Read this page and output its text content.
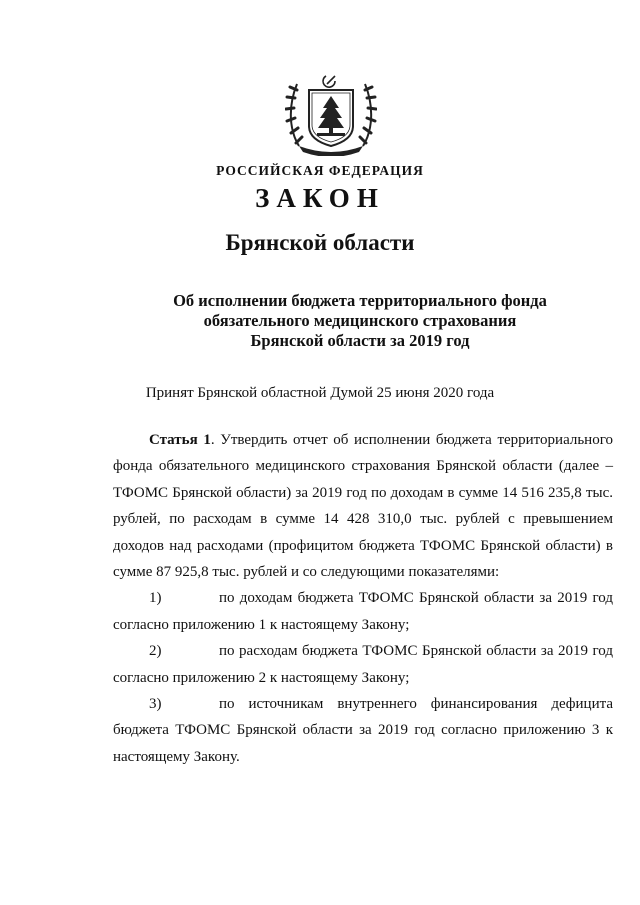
РОССИЙСКАЯ ФЕДЕРАЦИЯ
ЗАКОН
Брянской области
Об исполнении бюджета территориального фонда
обязательного медицинского страхования
Брянской области за 2019 год
Принят Брянской областной Думой 25 июня 2020 года

Статья 1. Утвердить отчет об исполнении бюджета территориального фонда обязательного медицинского страхования Брянской области (далее – ТФОМС Брянской области) за 2019 год по доходам в сумме 14 516 235,8 тыс. рублей, по расходам в сумме 14 428 310,0 тыс. рублей с превышением доходов над расходами (профицитом бюджета ТФОМС Брянской области) в сумме 87 925,8 тыс. рублей и со следующими показателями:

1)	по доходам бюджета ТФОМС Брянской области за 2019 год согласно приложению 1 к настоящему Закону;

2)	по расходам бюджета ТФОМС Брянской области за 2019 год согласно приложению 2 к настоящему Закону;

3)	по источникам внутреннего финансирования дефицита бюджета ТФОМС Брянской области за 2019 год согласно приложению 3 к настоящему Закону.
